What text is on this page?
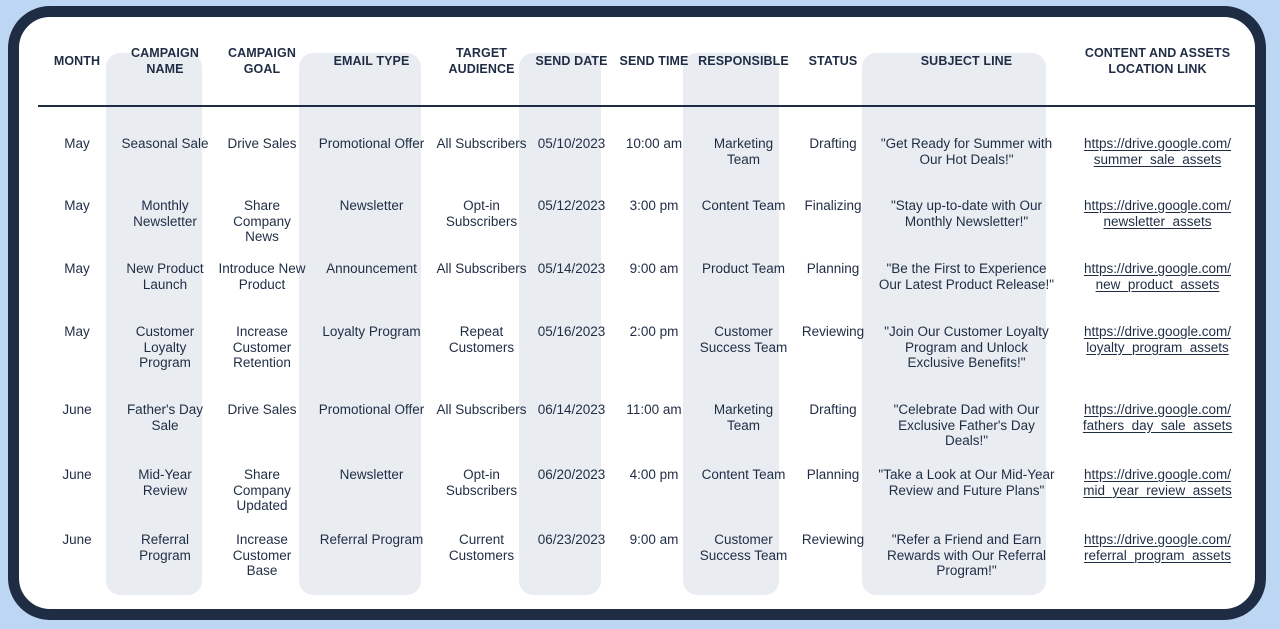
MONTH	CAMPAIGN NAME	CAMPAIGN GOAL	EMAIL TYPE	TARGET AUDIENCE	SEND DATE	SEND TIME	RESPONSIBLE	STATUS	SUBJECT LINE	CONTENT AND ASSETS LOCATION LINK
May	Seasonal Sale	Drive Sales	Promotional Offer	All Subscribers	05/10/2023	10:00 am	Marketing Team	Drafting	"Get Ready for Summer with Our Hot Deals!"	https://drive.google.com/ summer_sale_assets
May	Monthly Newsletter	Share Company News	Newsletter	Opt-in Subscribers	05/12/2023	3:00 pm	Content Team	Finalizing	"Stay up-to-date with Our Monthly Newsletter!"	https://drive.google.com/ newsletter_assets
May	New Product Launch	Introduce New Product	Announcement	All Subscribers	05/14/2023	9:00 am	Product Team	Planning	"Be the First to Experience Our Latest Product Release!"	https://drive.google.com/ new_product_assets
May	Customer Loyalty Program	Increase Customer Retention	Loyalty Program	Repeat Customers	05/16/2023	2:00 pm	Customer Success Team	Reviewing	"Join Our Customer Loyalty Program and Unlock Exclusive Benefits!"	https://drive.google.com/ loyalty_program_assets
June	Father's Day Sale	Drive Sales	Promotional Offer	All Subscribers	06/14/2023	11:00 am	Marketing Team	Drafting	"Celebrate Dad with Our Exclusive Father's Day Deals!"	https://drive.google.com/ fathers_day_sale_assets
June	Mid-Year Review	Share Company Updated	Newsletter	Opt-in Subscribers	06/20/2023	4:00 pm	Content Team	Planning	"Take a Look at Our Mid-Year Review and Future Plans"	https://drive.google.com/ mid_year_review_assets
June	Referral Program	Increase Customer Base	Referral Program	Current Customers	06/23/2023	9:00 am	Customer Success Team	Reviewing	"Refer a Friend and Earn Rewards with Our Referral Program!"	https://drive.google.com/ referral_program_assets
